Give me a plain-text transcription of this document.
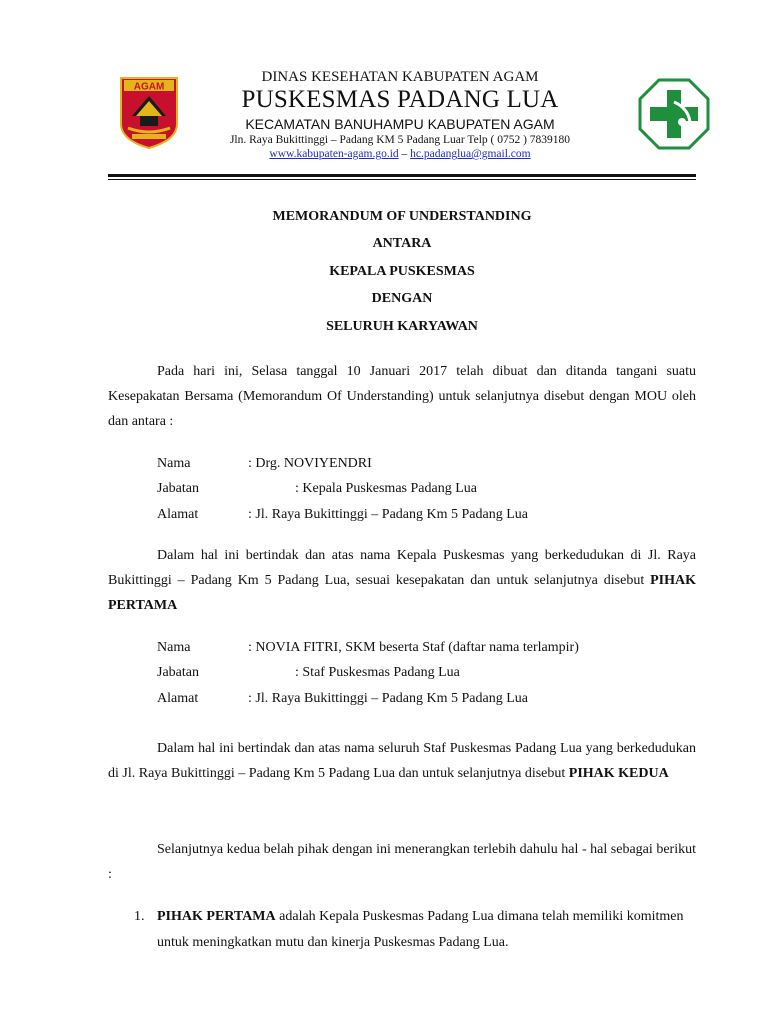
AGAM
DINAS KESEHATAN KABUPATEN AGAM
PUSKESMAS PADANG LUA
KECAMATAN BANUHAMPU KABUPATEN AGAM
Jln. Raya Bukittinggi – Padang KM 5 Padang Luar Telp ( 0752 ) 7839180
www.kabupaten-agam.go.id – hc.padanglua@gmail.com
MEMORANDUM OF UNDERSTANDING
ANTARA
KEPALA PUSKESMAS
DENGAN
SELURUH KARYAWAN
Pada hari ini, Selasa tanggal 10 Januari 2017 telah dibuat dan ditanda tangani suatu Kesepakatan Bersama (Memorandum Of Understanding) untuk selanjutnya disebut dengan MOU oleh dan antara :
Nama	: Drg. NOVIYENDRI
Jabatan	: Kepala Puskesmas Padang Lua
Alamat	: Jl. Raya Bukittinggi – Padang Km 5 Padang Lua
Dalam hal ini bertindak dan atas nama Kepala Puskesmas yang berkedudukan di Jl. Raya Bukittinggi – Padang Km 5 Padang Lua, sesuai kesepakatan dan untuk selanjutnya disebut PIHAK PERTAMA
Nama	: NOVIA FITRI, SKM beserta Staf (daftar nama terlampir)
Jabatan	: Staf Puskesmas Padang Lua
Alamat	: Jl. Raya Bukittinggi – Padang Km 5 Padang Lua
Dalam hal ini bertindak dan atas nama seluruh Staf Puskesmas Padang Lua yang berkedudukan di Jl. Raya Bukittinggi – Padang Km 5 Padang Lua dan untuk selanjutnya disebut PIHAK KEDUA
Selanjutnya kedua belah pihak dengan ini menerangkan terlebih dahulu hal - hal sebagai berikut :
1. PIHAK PERTAMA adalah Kepala Puskesmas Padang Lua dimana telah memiliki komitmen untuk meningkatkan mutu dan kinerja Puskesmas Padang Lua.
